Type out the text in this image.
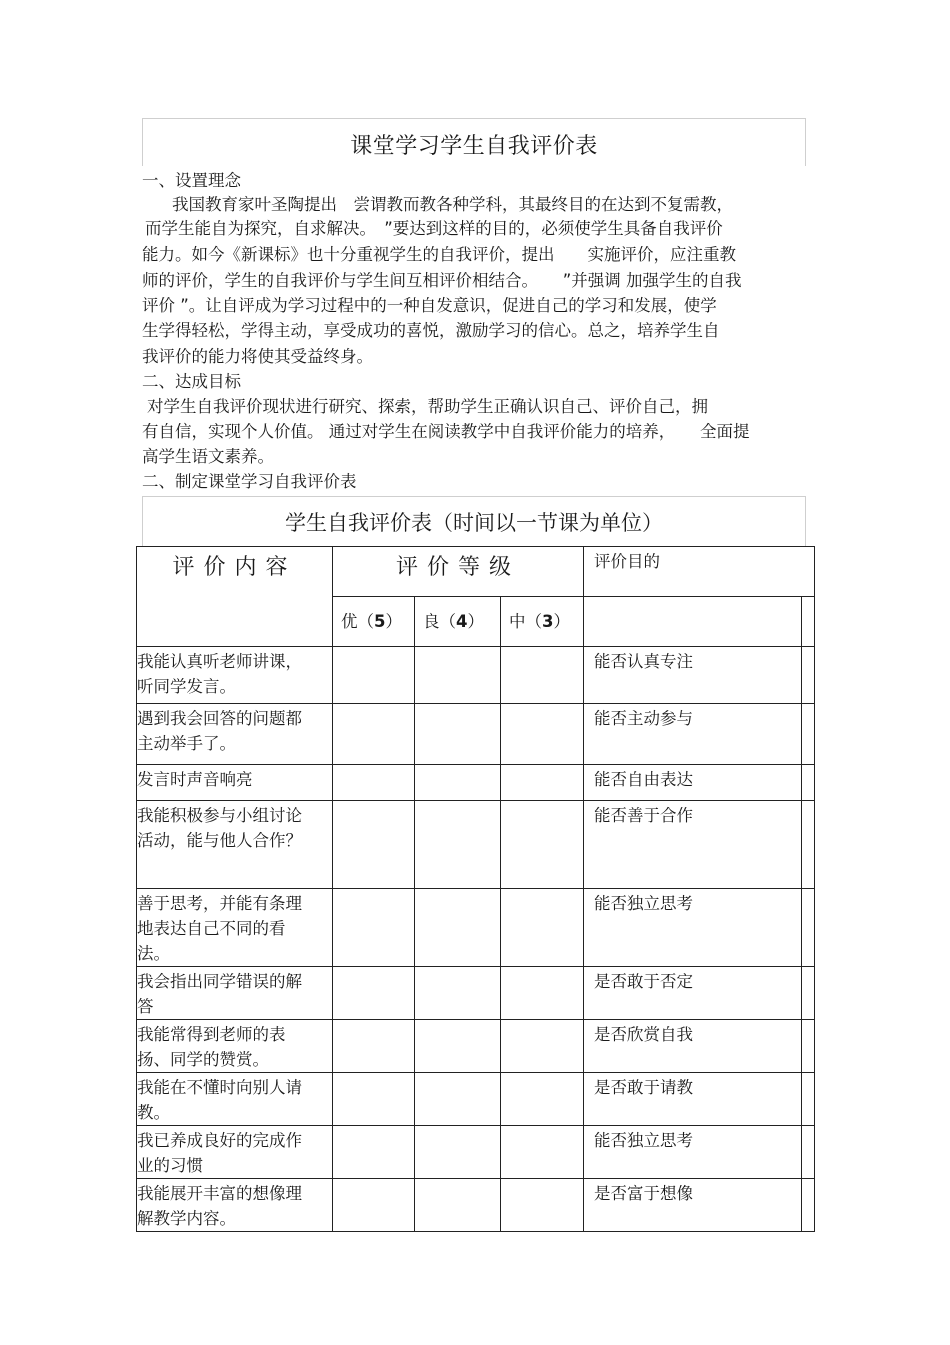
课堂学习学生自我评价表
一、设置理念
我国教育家叶圣陶提出　尝谓教而教各种学科，其最终目的在达到不复需教，
而学生能自为探究，自求解决。　”要达到这样的目的，必须使学生具备自我评价
能力。如今《新课标》也十分重视学生的自我评价，提出　　实施评价，应注重教
师的评价，学生的自我评价与学生间互相评价相结合。　　”并强调 加强学生的自我
评价 ”。让自评成为学习过程中的一种自发意识，促进自己的学习和发展，使学
生学得轻松，学得主动，享受成功的喜悦，激励学习的信心。总之，培养学生自
我评价的能力将使其受益终身。
二、达成目标
对学生自我评价现状进行研究、探索，帮助学生正确认识自己、评价自己，拥
有自信，实现个人价值。 通过对学生在阅读教学中自我评价能力的培养，　　全面提
高学生语文素养。
二、制定课堂学习自我评价表
学生自我评价表（时间以一节课为单位）
评价内容	评价等级			评价目的	
	优（5）	良（4）	中（3）		

我能认真听老师讲课，
听同学发言。				能否认真专注	

遇到我会回答的问题都
主动举手了。				能否主动参与	

发言时声音响亮				能否自由表达	

我能积极参与小组讨论
活动，能与他人合作？				能否善于合作	

善于思考，并能有条理
地表达自己不同的看
法。				能否独立思考	

我会指出同学错误的解
答				是否敢于否定	

我能常得到老师的表
扬、同学的赞赏。				是否欣赏自我	

我能在不懂时向别人请
教。				是否敢于请教	

我已养成良好的完成作
业的习惯				能否独立思考	

我能展开丰富的想像理
解教学内容。				是否富于想像	
